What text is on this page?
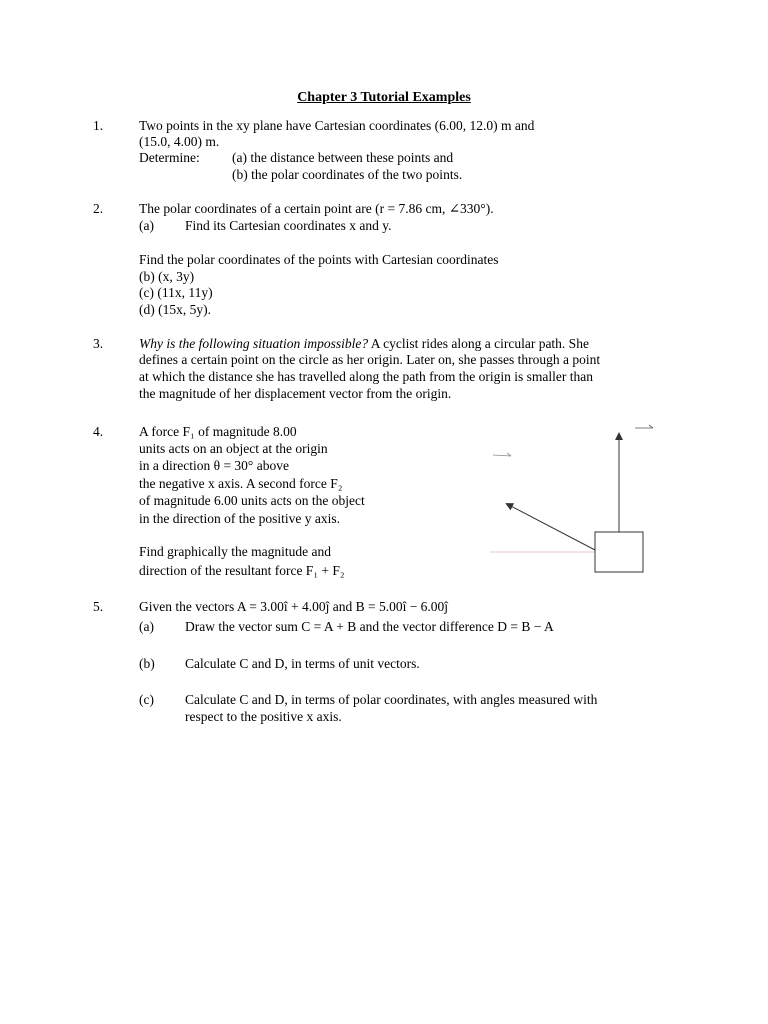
Chapter 3 Tutorial Examples
1.	Two points in the xy plane have Cartesian coordinates (6.00, 12.0) m and
(15.0, 4.00) m.
Determine: (a) the distance between these points and
(b) the polar coordinates of the two points.
2.	The polar coordinates of a certain point are (r = 7.86 cm, ∠330°).
(a) Find its Cartesian coordinates x and y.
Find the polar coordinates of the points with Cartesian coordinates
(b) (x, 3y)
(c) (11x, 11y)
(d) (15x, 5y).
3.	Why is the following situation impossible? A cyclist rides along a circular path. She
defines a certain point on the circle as her origin. Later on, she passes through a point
at which the distance she has travelled along the path from the origin is smaller than
the magnitude of her displacement vector from the origin.
4.	A force F₁ of magnitude 8.00
units acts on an object at the origin
in a direction θ = 30° above
the negative x axis. A second force F₂
of magnitude 6.00 units acts on the object
in the direction of the positive y axis.
Find graphically the magnitude and
direction of the resultant force F₁ + F₂
5.	Given the vectors A = 3.00î + 4.00ĵ and B = 5.00î − 6.00ĵ
(a) Draw the vector sum C = A + B and the vector difference D = B − A
(b) Calculate C and D, in terms of unit vectors.
(c) Calculate C and D, in terms of polar coordinates, with angles measured with
respect to the positive x axis.
